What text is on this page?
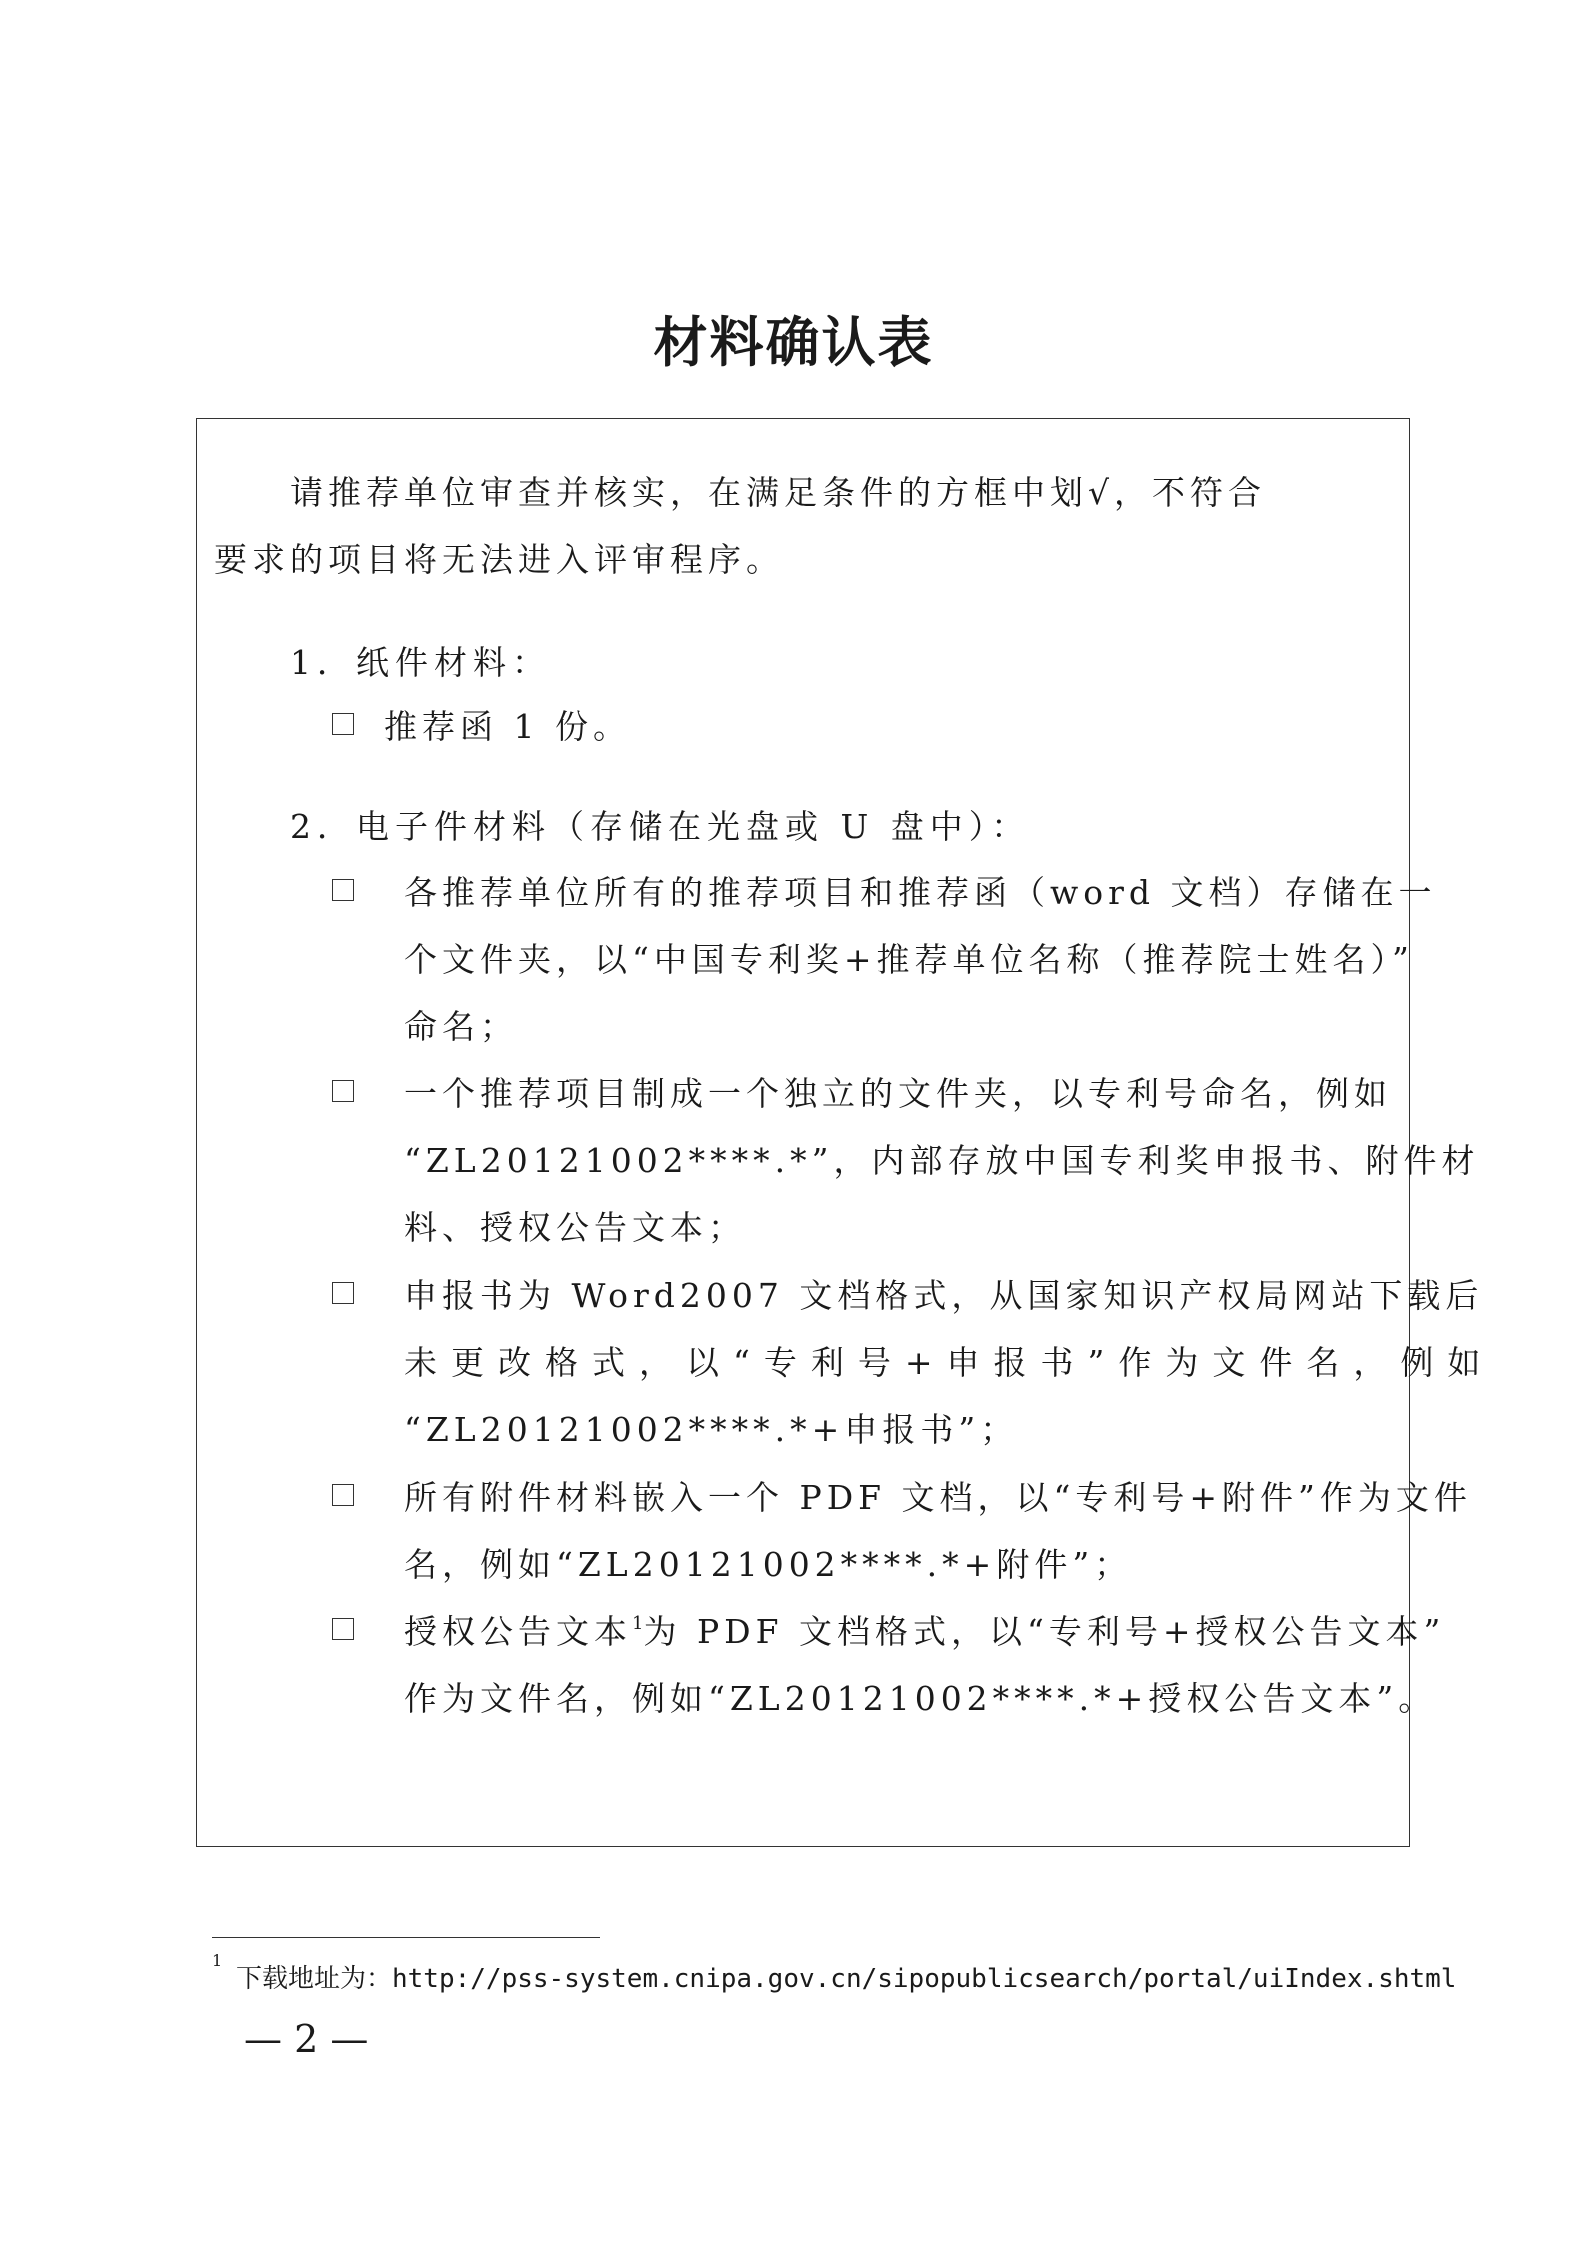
材料确认表
请推荐单位审查并核实，在满足条件的方框中划√，不符合
要求的项目将无法进入评审程序。
1．纸件材料：
推荐函 1 份。
2．电子件材料（存储在光盘或 U 盘中）：
各推荐单位所有的推荐项目和推荐函（word 文档）存储在一
个文件夹，以“中国专利奖+推荐单位名称（推荐院士姓名）”
命名；
一个推荐项目制成一个独立的文件夹，以专利号命名，例如
“ZL20121002****.*”，内部存放中国专利奖申报书、附件材
料、授权公告文本；
申报书为 Word2007 文档格式，从国家知识产权局网站下载后
未更改格式，以“专利号+申报书”作为文件名，例如
“ZL20121002****.*+申报书”；
所有附件材料嵌入一个 PDF 文档，以“专利号+附件”作为文件
名，例如“ZL20121002****.*+附件”；
授权公告文本$^1$为 PDF 文档格式，以“专利号+授权公告文本”
作为文件名，例如“ZL20121002****.*+授权公告文本”。
1
下载地址为：http://pss-system.cnipa.gov.cn/sipopublicsearch/portal/uiIndex.shtml
— 2 —
